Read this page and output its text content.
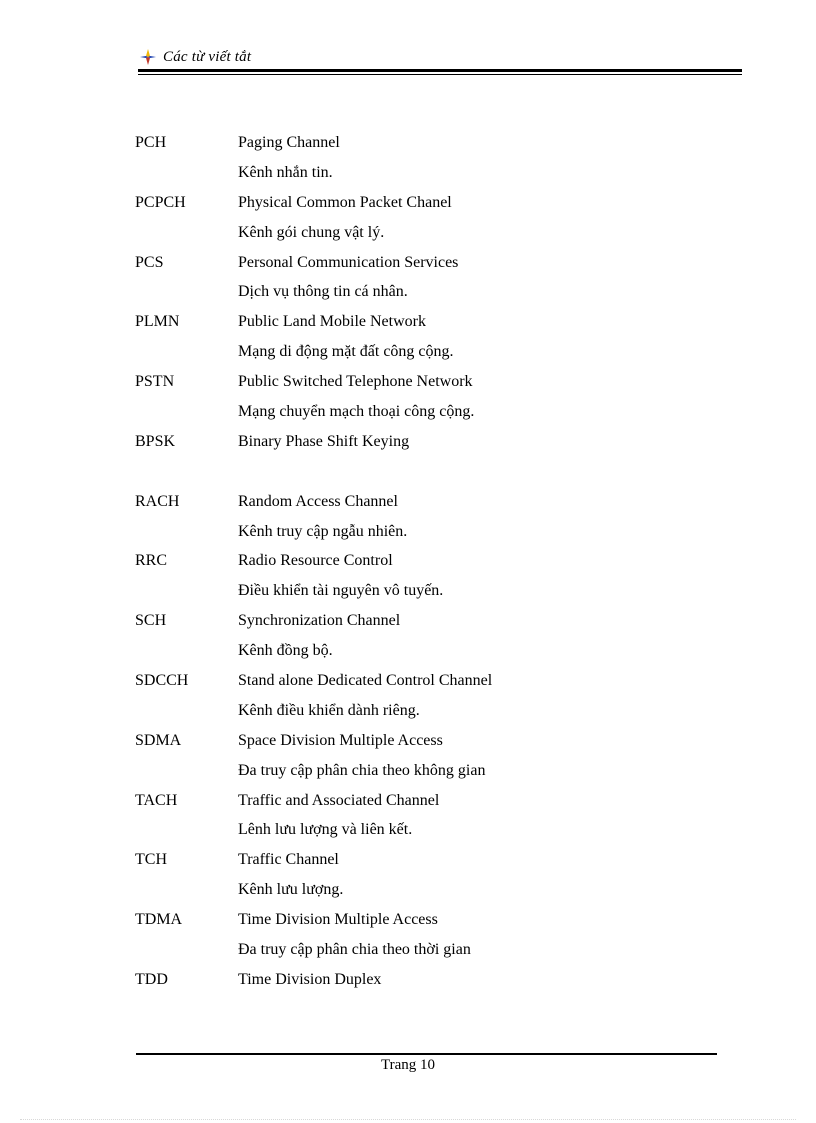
Các từ viết tắt
PCH	Paging Channel
Kênh nhắn tin.
PCPCH	Physical Common Packet Chanel
Kênh gói chung vật lý.
PCS	Personal Communication Services
Dịch vụ thông tin cá nhân.
PLMN	Public Land Mobile Network
Mạng di động mặt đất công cộng.
PSTN	Public Switched Telephone Network
Mạng chuyển mạch thoại công cộng.
BPSK	Binary Phase Shift Keying
RACH	Random Access Channel
Kênh truy cập ngẫu nhiên.
RRC	Radio Resource Control
Điều khiển tài nguyên vô tuyến.
SCH	Synchronization Channel
Kênh đồng bộ.
SDCCH	Stand alone Dedicated Control Channel
Kênh điều khiển dành riêng.
SDMA	Space Division Multiple Access
Đa truy cập phân chia theo không gian
TACH	Traffic and Associated Channel
Lênh lưu lượng và liên kết.
TCH	Traffic Channel
Kênh lưu lượng.
TDMA	Time Division Multiple Access
Đa truy cập phân chia theo thời gian
TDD	Time Division Duplex
Trang 10
